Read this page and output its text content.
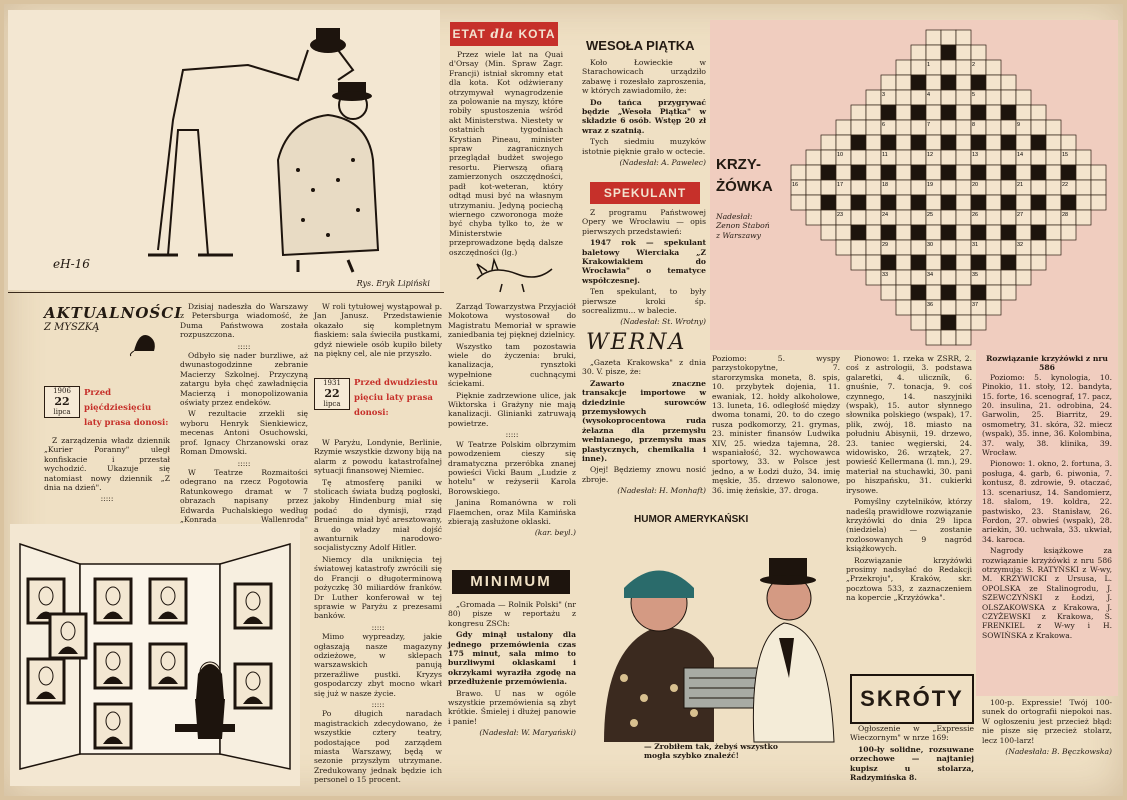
eH-16
Rys. Eryk Lipiński
ETAT dla KOTA

Przez wiele lat na Quai d'Orsay (Min. Spraw Zagr. Francji) istniał skromny etat dla kota. Kot odżwierany otrzymywał wynagrodzenie za polowanie na myszy, które robiły spustoszenia wśród akt Ministerstwa. Niestety w ostatnich tygodniach Krystian Pineau, minister spraw zagranicznych przeglądał budżet swojego resortu. Pierwszą ofiarą zamierzonych oszczędności, padł kot-weteran, który odtąd musi być na własnym utrzymaniu. Jedyną pociechą wiernego czworonoga może być chyba tylko to, że w Ministerstwie przeprowadzone będą dalsze oszczędności (lg.)

WESOŁA PIĄTKA

Koło Łowieckie w Starachowicach urządziło zabawę i rozesłało zaproszenia, w których zawiadomiło, że:

Do tańca przygrywać będzie „Wesoła Piątka" w składzie 6 osób. Wstęp 20 zł wraz z szatnią.

Tych siedmiu muzyków istotnie pięknie grało w octecie.

(Nadesłał: A. Pawelec)
SPEKULANT

Z programu Państwowej Opery we Wrocławiu — opis pierwszych przedstawień:

1947 rok — spekulant baletowy Wierciaka „Z Krakowiakiem do Wrocławia" o tematyce współczesnej.

Ten spekulant, to były pierwsze kroki śp. socrealizmu... w balecie.

(Nadesłał: St. Wrotny)
WERNA

„Gazeta Krakowska" z dnia 30. V. pisze, że:

Zawarto znaczne transakcje importowe w dziedzinie surowców przemysłowych (wysokoprocentowa ruda żelazna dla przemysłu wełnianego, przemysłu mas plastycznych, chemikalia i inne).

Ojej! Będziemy znowu nosić zbroje.

(Nadesłał: H. Monhaft)
KRZY-
ŻÓWKA
Nadesłał: Zenon Staboń z Warszawy
1	2
3	4	5
6	7	8	9
10	11	12	13	14	15
16	17	18	19	20	21	22
23	24	25	26	27	28
29	30	31	32
33	34	35
36	37
AKTUALNOŚCI
Z MYSZKĄ
1906
22
lipca
Przed pięćdziesięciu laty prasa donosi:

Z zarządzenia władz dziennik „Kurier Poranny" uległ konfiskacie i przestał wychodzić. Ukazuje się natomiast nowy dziennik „Z dnia na dzień".

:::::

Dzisiaj nadeszła do Warszawy z Petersburga wiadomość, że Duma Państwowa została rozpuszczona.

:::::

Odbyło się nader burzliwe, aż dwunastogodzinne zebranie Macierzy Szkolnej. Przyczyną zatargu była chęć zawładnięcia Macierzą i monopolizowania oświaty przez endeków.

W rezultacie zrzekli się wyboru Henryk Sienkiewicz, mecenas Antoni Osuchowski, prof. Ignacy Chrzanowski oraz Roman Dmowski.

:::::

W Teatrze Rozmaitości odegrano na rzecz Pogotowia Ratunkowego dramat w 7 obrazach napisany przez Edwarda Puchalskiego według „Konrada Wallenroda"

W roli tytułowej wystąpował p. Jan Janusz. Przedstawienie okazało się kompletnym fiaskiem: sala świeciła pustkami, gdyż niewiele osób kupiło bilety na piękny cel, ale nie przyszło.

1931
22
lipca
Przed dwudziestu pięciu laty prasa donosi:

W Paryżu, Londynie, Berlinie, Rzymie wszystkie dzwony biją na alarm z powodu katastrofalnej sytuacji finansowej Niemiec.

Tę atmosferę paniki w stolicach świata budzą pogłoski, jakoby Hindenburg miał się podać do dymisji, rząd Brueninga miał być aresztowany, a do władzy miał dojść awanturnik narodowo-socjalistyczny Adolf Hitler.

Niemcy dla uniknięcia tej światowej katastrofy zwrócili się do Francji o długoterminową pożyczkę 30 miliardów franków. Dr Luther konferował w tej sprawie w Paryżu z prezesami banków.

:::::

Mimo wypreadzy, jakie ogłaszają nasze magazyny odzieżowe, w sklepach warszawskich panują przeraźliwe pustki. Kryzys gospodarczy zbyt mocno wkarł się już w nasze życie.

:::::

Po długich naradach magistrackich zdecydowano, że wszystkie cztery teatry, podostające pod zarządem miasta Warszawy, będą w sezonie przyszłym utrzymane. Zredukowany jednak będzie ich personel o 15 procent.

Zarząd Towarzystwa Przyjaciół Mokotowa wystosował do Magistratu Memoriał w sprawie zaniedbania tej pięknej dzielnicy.

Wszystko tam pozostawia wiele do życzenia: bruki, kanalizacja, rynsztoki wypełnione cuchnącymi ściekami.

Pięknie zadrzewione ulice, jak Wiktorska i Grażyny nie mają kanalizacji. Glinianki zatruwają powietrze.

:::::

W Teatrze Polskim olbrzymim powodzeniem cieszy się dramatyczna przeróbka znanej powieści Vicki Baum „Ludzie z hotelu" w reżyserii Karola Borowskiego.

Janina Romanówna w roli Flaemchen, oraz Mila Kamińska zbierają zasłużone oklaski.

(kar. beyl.)
MINIMUM

„Gromada — Rolnik Polski" (nr 80) pisze w reportażu z kongresu ZSCh:

Gdy minął ustalony dla jednego przemówienia czas 175 minut, sala mimo to burzliwymi oklaskami i okrzykami wyraziła zgodę na przedłużenie przemówienia.

Brawo. U nas w ogóle wszystkie przemówienia są zbyt krótkie. Śmielej i dłużej panowie i panie!

(Nadesłał: W. Maryański)
Rozwiązanie krzyżówki z nru 586

Poziomo: 5. kynologia, 10. Pinokio, 11. stoły, 12. bandyta, 15. forte, 16. scenograf, 17. pacz, 20. insulina, 21. odrobina, 24. Garwolin, 25. Biarritz, 29. osmometry, 31. skóra, 32. miecz (wspak), 35. inne, 36. Kolombina, 37. waly, 38. klinika, 39. Wrocław.

Pionowo: 1. okno, 2. fortuna, 3. posługa, 4. garb, 6. piwonia, 7. kontusz, 8. zdrowie, 9. otaczać, 13. scenariusz, 14. Sandomierz, 18. słalom, 19. koldra, 22. pastwisko, 23. Stanisław, 26. Fordon, 27. obwieś (wspak), 28. ariekin, 30. uchwała, 33. ukwiał, 34. karoca.

Nagrody książkowe za rozwiązanie krzyżówki z nru 586 otrzymują: S. RATYŃSKI z W-wy, M. KRZYWICKI z Ursusa, L. OPOLSKA ze Stalinogrodu, J. SZEWCZYŃSKI z Łodzi, J. OLSZAKOWSKA z Krakowa, J. CZYŻEWSKI z Krakowa, S. FRENKIEL z W-wy i H. SOWIŃSKA z Krakowa.

Poziomo: 5. wyspy parzystokopytne, 7. starorzymska moneta, 8. spis, 10. przybytek dojenia, 11. ewaniak, 12. hołdy alkoholowe, 13. luneta, 16. odległość między dwoma tonami, 20. to do czego rusza podkomorzy, 21. grymas, 23. minister finansów Ludwika XIV, 25. wiedza tajemna, 28. wspaniałość, 32. wychowawca sportowy, 33. w Polsce jest jedno, a w Łodzi dużo, 34. imię męskie, 35. drzewo salonowe, 36. imię żeńskie, 37. droga.

Pionowo: 1. rzeka w ZSRR, 2. coś z astrologii, 3. podstawa galaretki, 4. uliczník, 6. gnuśnie, 7. tonacja, 9. coś czynnego, 14. naszyjniki (wspak), 15. autor słynnego słownika polskiego (wspak), 17. plik, zwój, 18. miasto na południu Abisynii, 19. drzewo, 23. taniec węgierski, 24. widowisko, 26. wrzątek, 27. powieść Kellermana (l. mn.), 29. materiał na stuchawki, 30. pani po hiszpańsku, 31. cukierki irysowe.

Pomyślny czytelników, którzy nadeślą prawidłowe rozwiązanie krzyżówki do dnia 29 lipca (niedziela) — zostanie rozlosowanych 9 nagród książkowych.

Rozwiązanie krzyżówki prosimy nadsyłać do Redakcji „Przekroju", Kraków, skr. pocztowa 533, z zaznaczeniem na kopercie „Krzyżówka".

HUMOR AMERYKAŃSKI
— Zrobiłem tak, żebyś wszystko mogła szybko znaleźć!
SKRÓTY

Ogłoszenie w „Expressie Wieczornym" w nrze 169:

100-ły solidne, rozsuwane orzechowe — najtaniej kupisz u stolarza, Radzymińska 8.

100-p. Expressie! Twój 100-sunek do ortografii niepokoi nas. W ogłoszeniu jest przecież błąd: nie pisze się przecież stolarz, lecz 100-larz!

(Nadesłała: B. Bęczkowska)
